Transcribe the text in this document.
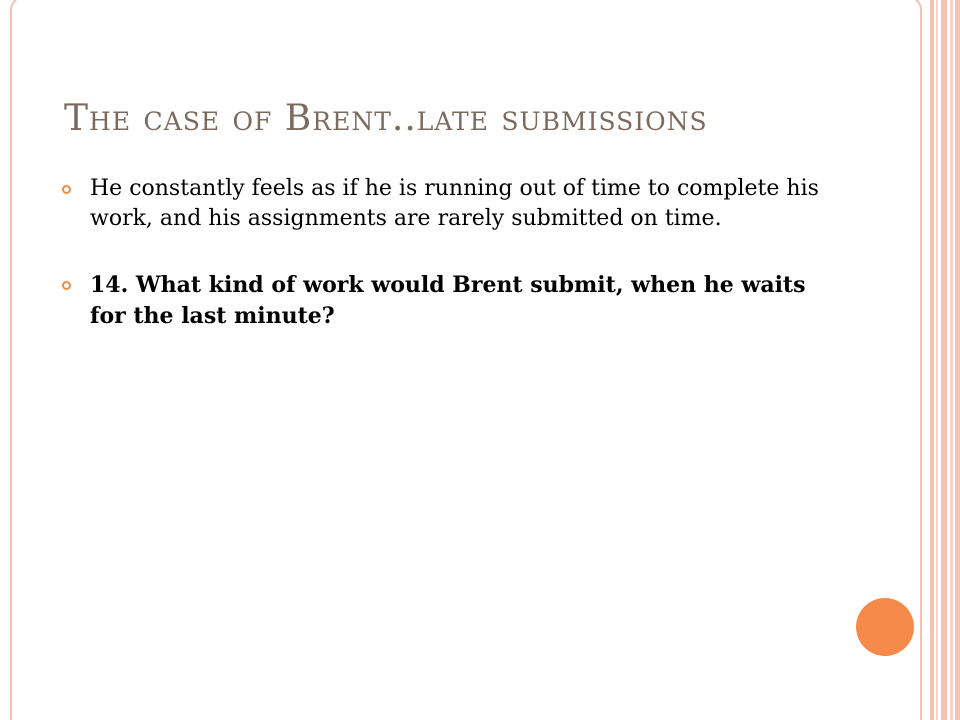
The case of Brent..late submissions
He constantly feels as if he is running out of time to complete his work, and his assignments are rarely submitted on time.
14. What kind of work would Brent submit, when he waits for the last minute?
